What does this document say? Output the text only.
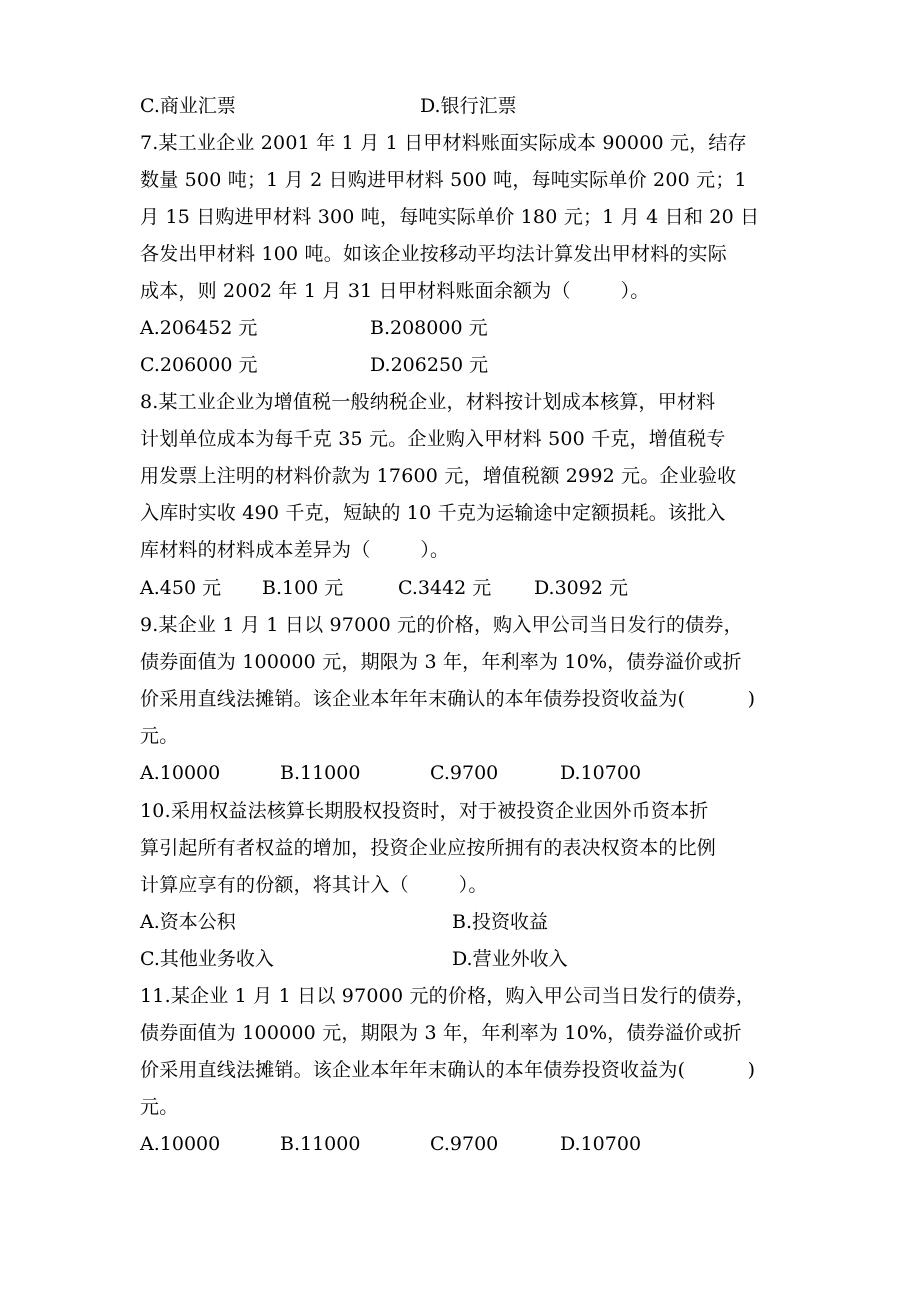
C.商业汇票	D.银行汇票
7.某工业企业 2001 年 1 月 1 日甲材料账面实际成本 90000 元，结存
数量 500 吨；1 月 2 日购进甲材料 500 吨，每吨实际单价 200 元；1
月 15 日购进甲材料 300 吨，每吨实际单价 180 元；1 月 4 日和 20 日
各发出甲材料 100 吨。如该企业按移动平均法计算发出甲材料的实际
成本，则 2002 年 1 月 31 日甲材料账面余额为（        ）。
A.206452 元	B.208000 元
C.206000 元	D.206250 元
8.某工业企业为增值税一般纳税企业，材料按计划成本核算，甲材料
计划单位成本为每千克 35 元。企业购入甲材料 500 千克，增值税专
用发票上注明的材料价款为 17600 元，增值税额 2992 元。企业验收
入库时实收 490 千克，短缺的 10 千克为运输途中定额损耗。该批入
库材料的材料成本差异为（        ）。
A.450 元 B.100 元	C.3442 元 D.3092 元
9.某企业 1 月 1 日以 97000 元的价格，购入甲公司当日发行的债券，
债券面值为 100000 元，期限为 3 年，年利率为 10%，债券溢价或折
价采用直线法摊销。该企业本年年末确认的本年债券投资收益为(          )
元。
A.10000	B.11000	C.9700	D.10700
10.采用权益法核算长期股权投资时，对于被投资企业因外币资本折
算引起所有者权益的增加，投资企业应按所拥有的表决权资本的比例
计算应享有的份额，将其计入（        ）。
A.资本公积	B.投资收益
C.其他业务收入	D.营业外收入
11.某企业 1 月 1 日以 97000 元的价格，购入甲公司当日发行的债券，
债券面值为 100000 元，期限为 3 年，年利率为 10%，债券溢价或折
价采用直线法摊销。该企业本年年末确认的本年债券投资收益为(          )
元。
A.10000	B.11000	C.9700	D.10700
